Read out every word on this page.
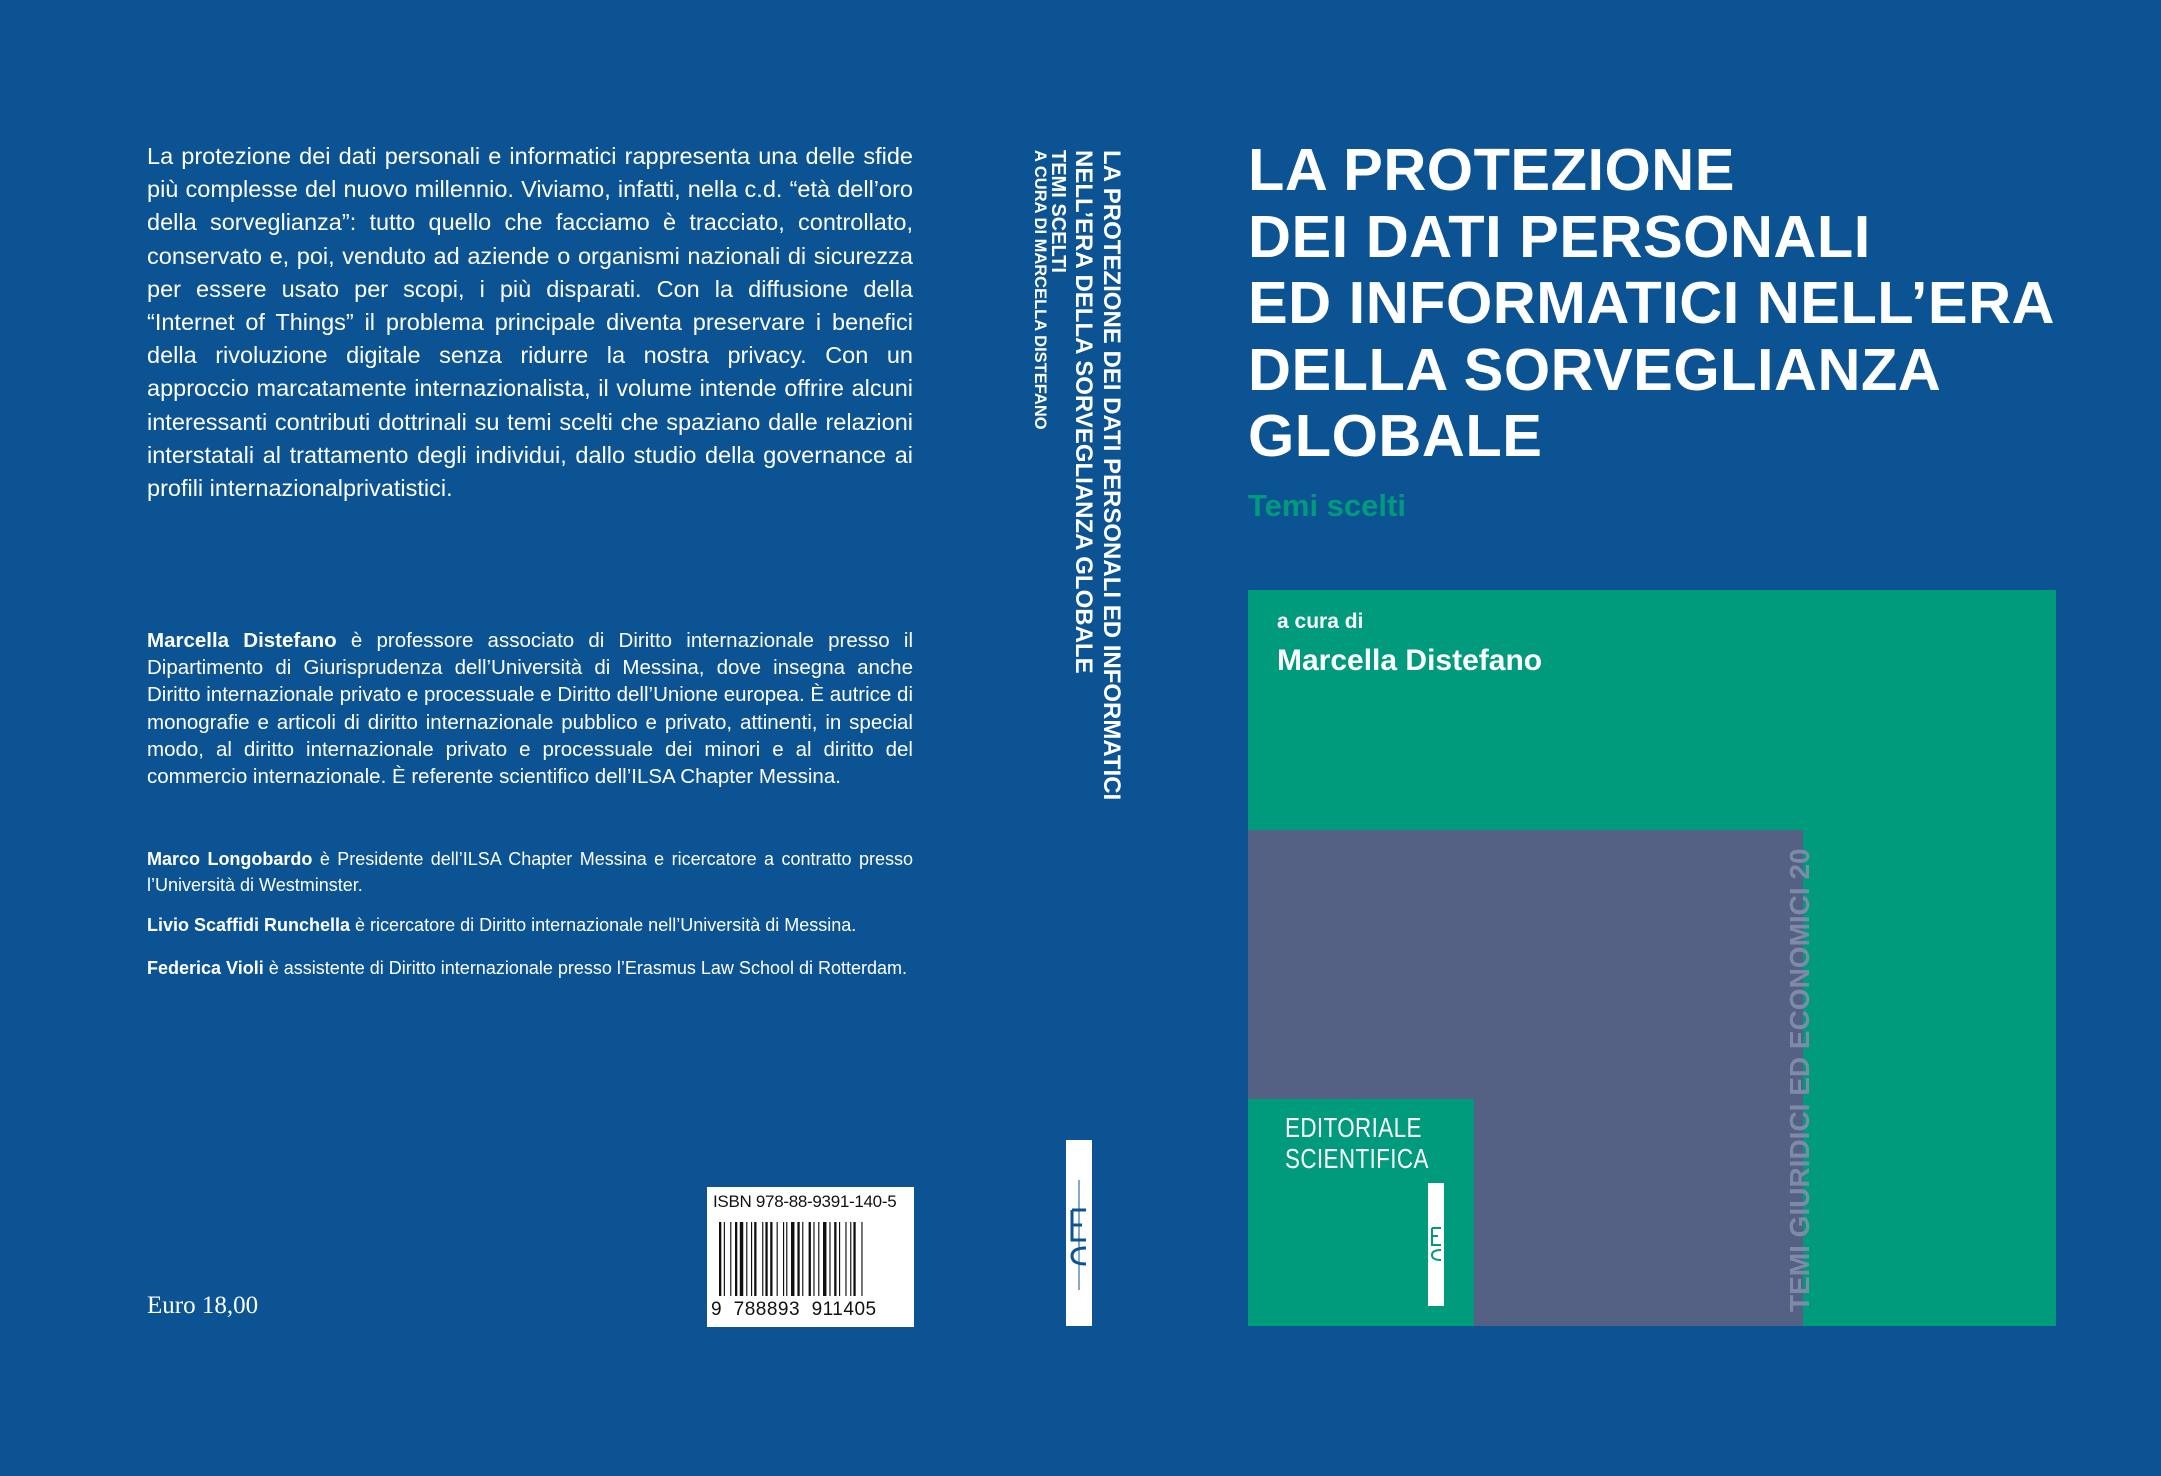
La protezione dei dati personali e informatici rappresenta una delle sfide più complesse del nuovo millennio. Viviamo, infatti, nella c.d. “età dell’oro della sorveglianza”: tutto quello che facciamo è tracciato, controllato, conservato e, poi, venduto ad aziende o organismi nazionali di sicurezza per essere usato per scopi, i più disparati. Con la diffusione della “Internet of Things” il problema principale diventa preservare i benefici della rivoluzione digitale senza ridurre la nostra privacy. Con un approccio marcatamente internazionalista, il volume intende offrire alcuni interessanti contributi dottrinali su temi scelti che spaziano dalle relazioni interstatali al trattamento degli individui, dallo studio della governance ai profili internazionalprivatistici.

Marcella Distefano è professore associato di Diritto internazionale presso il Dipartimento di Giurisprudenza dell’Università di Messina, dove insegna anche Diritto internazionale privato e processuale e Diritto dell’Unione europea. È autrice di monografie e articoli di diritto internazionale pubblico e privato, attinenti, in special modo, al diritto internazionale privato e processuale dei minori e al diritto del commercio internazionale. È referente scientifico dell’ILSA Chapter Messina.

Marco Longobardo è Presidente dell’ILSA Chapter Messina e ricercatore a contratto presso l’Università di Westminster.

Livio Scaffidi Runchella è ricercatore di Diritto internazionale nell’Università di Messina.

Federica Violi è assistente di Diritto internazionale presso l’Erasmus Law School di Rotterdam.

Euro 18,00
ISBN 978-88-9391-140-5
9  788893  911405
LA PROTEZIONE DEI DATI PERSONALI ED INFORMATICI
NELL’ERA DELLA SORVEGLIANZA GLOBALE
TEMI SCELTI
A CURA DI MARCELLA DISTEFANO	LA PROTEZIONE
DEI DATI PERSONALI
ED INFORMATICI NELL’ERA
DELLA SORVEGLIANZA
GLOBALE
Temi scelti
a cura di
Marcella Distefano
TEMI GIURIDICI ED ECONOMICI 20
EDITORIALE
SCIENTIFICA
